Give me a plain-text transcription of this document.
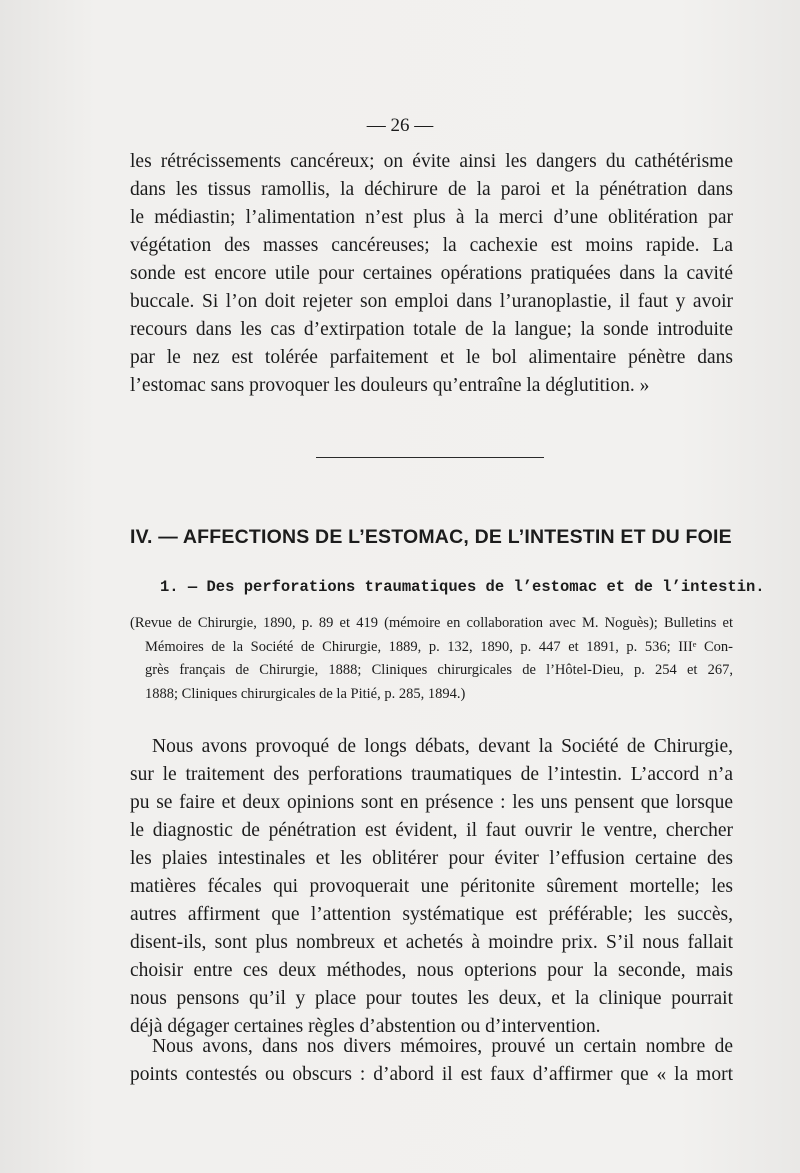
— 26 —
les rétrécissements cancéreux; on évite ainsi les dangers du cathétérisme
dans les tissus ramollis, la déchirure de la paroi et la pénétration dans
le médiastin; l’alimentation n’est plus à la merci d’une oblitération par
végétation des masses cancéreuses; la cachexie est moins rapide. La
sonde est encore utile pour certaines opérations pratiquées dans la cavité
buccale. Si l’on doit rejeter son emploi dans l’uranoplastie, il faut y avoir
recours dans les cas d’extirpation totale de la langue; la sonde introduite
par le nez est tolérée parfaitement et le bol alimentaire pénètre dans
l’estomac sans provoquer les douleurs qu’entraîne la déglutition. »
IV. — AFFECTIONS DE L’ESTOMAC, DE L’INTESTIN ET DU FOIE
1. — Des perforations traumatiques de l’estomac et de l’intestin.
(Revue de Chirurgie, 1890, p. 89 et 419 (mémoire en collaboration avec M. Noguès); Bulletins et
Mémoires de la Société de Chirurgie, 1889, p. 132, 1890, p. 447 et 1891, p. 536; IIIᵉ Con-
grès français de Chirurgie, 1888; Cliniques chirurgicales de l’Hôtel-Dieu, p. 254 et 267,
1888; Cliniques chirurgicales de la Pitié, p. 285, 1894.)
Nous avons provoqué de longs débats, devant la Société de Chirurgie,
sur le traitement des perforations traumatiques de l’intestin. L’accord n’a
pu se faire et deux opinions sont en présence : les uns pensent que lorsque
le diagnostic de pénétration est évident, il faut ouvrir le ventre, chercher
les plaies intestinales et les oblitérer pour éviter l’effusion certaine des
matières fécales qui provoquerait une péritonite sûrement mortelle; les
autres affirment que l’attention systématique est préférable; les succès,
disent-ils, sont plus nombreux et achetés à moindre prix. S’il nous fallait
choisir entre ces deux méthodes, nous opterions pour la seconde, mais
nous pensons qu’il y place pour toutes les deux, et la clinique pourrait
déjà dégager certaines règles d’abstention ou d’intervention.
Nous avons, dans nos divers mémoires, prouvé un certain nombre de
points contestés ou obscurs : d’abord il est faux d’affirmer que « la mort
